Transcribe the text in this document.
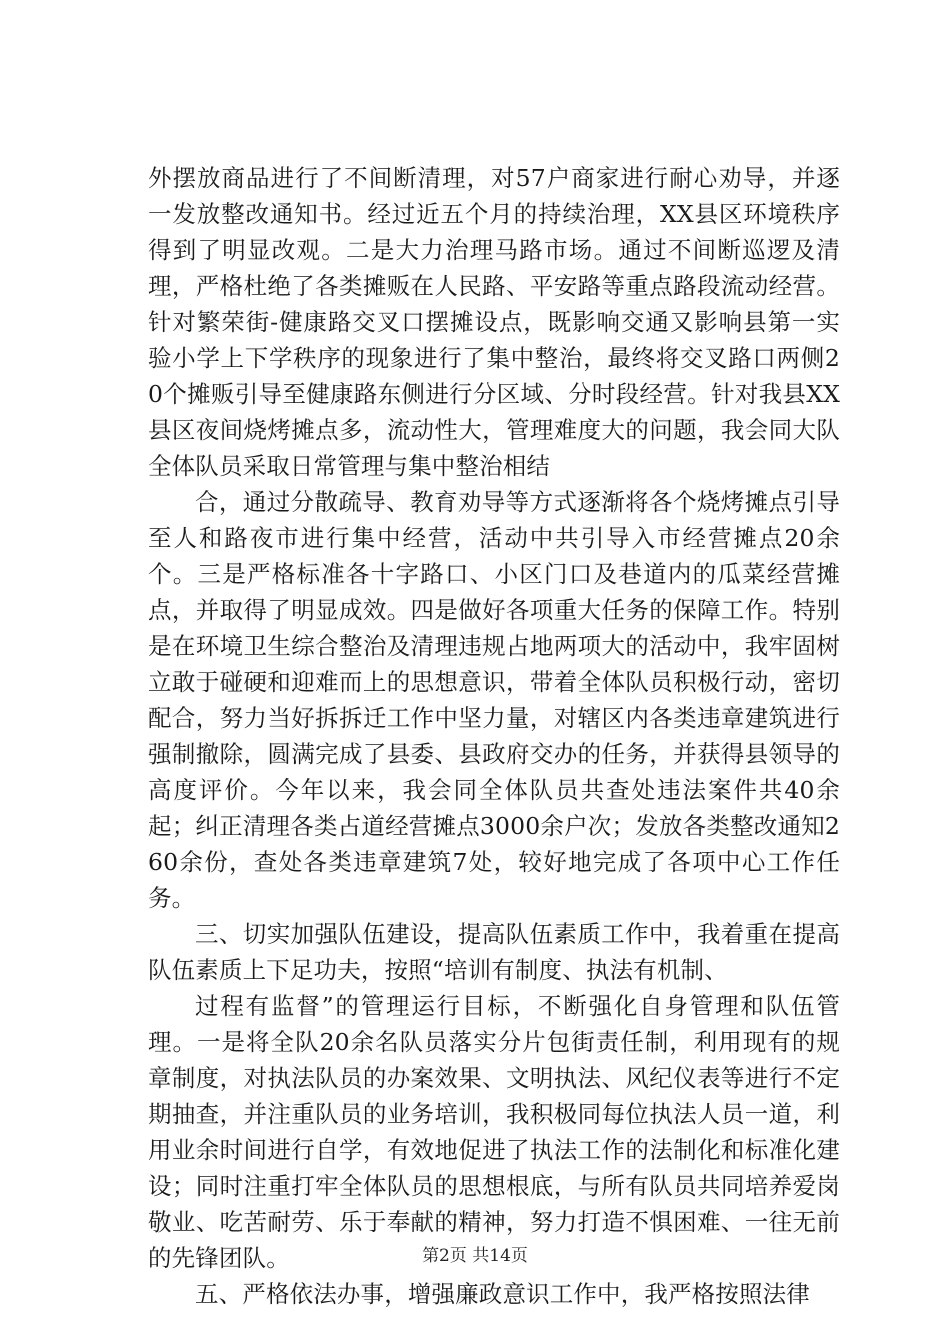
外摆放商品进行了不间断清理，对57户商家进行耐心劝导，并逐一发放整改通知书。经过近五个月的持续治理，XX县区环境秩序得到了明显改观。二是大力治理马路市场。通过不间断巡逻及清理，严格杜绝了各类摊贩在人民路、平安路等重点路段流动经营。针对繁荣街-健康路交叉口摆摊设点，既影响交通又影响县第一实验小学上下学秩序的现象进行了集中整治，最终将交叉路口两侧20个摊贩引导至健康路东侧进行分区域、分时段经营。针对我县XX县区夜间烧烤摊点多，流动性大，管理难度大的问题，我会同大队全体队员采取日常管理与集中整治相结

合，通过分散疏导、教育劝导等方式逐渐将各个烧烤摊点引导至人和路夜市进行集中经营，活动中共引导入市经营摊点20余个。三是严格标准各十字路口、小区门口及巷道内的瓜菜经营摊点，并取得了明显成效。四是做好各项重大任务的保障工作。特别是在环境卫生综合整治及清理违规占地两项大的活动中，我牢固树立敢于碰硬和迎难而上的思想意识，带着全体队员积极行动，密切配合，努力当好拆拆迁工作中坚力量，对辖区内各类违章建筑进行强制撤除，圆满完成了县委、县政府交办的任务，并获得县领导的高度评价。今年以来，我会同全体队员共查处违法案件共40余起；纠正清理各类占道经营摊点3000余户次；发放各类整改通知260余份，查处各类违章建筑7处，较好地完成了各项中心工作任务。

三、切实加强队伍建设，提高队伍素质工作中，我着重在提高队伍素质上下足功夫，按照“培训有制度、执法有机制、

过程有监督”的管理运行目标，不断强化自身管理和队伍管理。一是将全队20余名队员落实分片包街责任制，利用现有的规章制度，对执法队员的办案效果、文明执法、风纪仪表等进行不定期抽查，并注重队员的业务培训，我积极同每位执法人员一道，利用业余时间进行自学，有效地促进了执法工作的法制化和标准化建设；同时注重打牢全体队员的思想根底，与所有队员共同培养爱岗敬业、吃苦耐劳、乐于奉献的精神，努力打造不惧困难、一往无前的先锋团队。

五、严格依法办事，增强廉政意识工作中，我严格按照法律

第2页 共14页
